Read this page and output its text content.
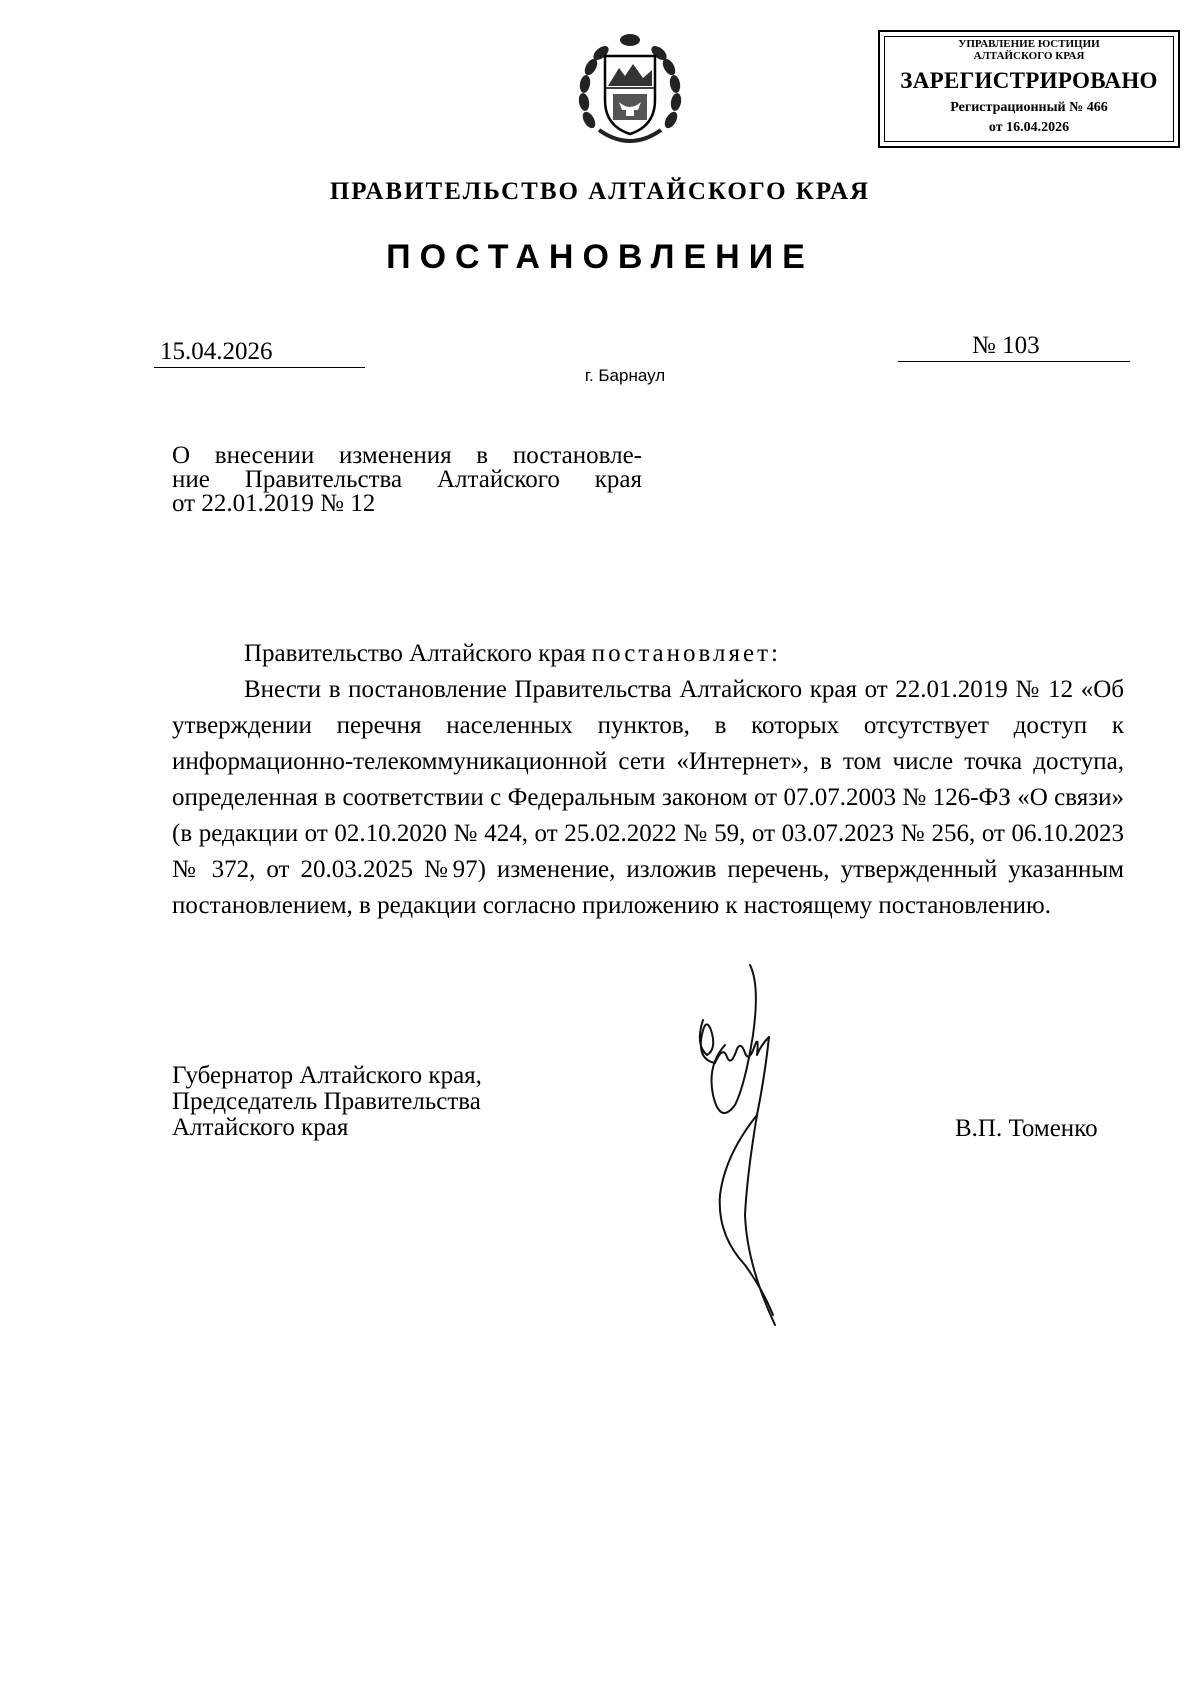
УПРАВЛЕНИЕ ЮСТИЦИИ
АЛТАЙСКОГО КРАЯ
ЗАРЕГИСТРИРОВАНО
Регистрационный № 466
от 16.04.2026
ПРАВИТЕЛЬСТВО АЛТАЙСКОГО КРАЯ
ПОСТАНОВЛЕНИЕ
15.04.2026	№ 103
г. Барнаул
О внесении изменения в постановле-
ние Правительства Алтайского края
от 22.01.2019 № 12
Правительство Алтайского края постановляет:
Внести в постановление Правительства Алтайского края от 22.01.2019 № 12 «Об утверждении перечня населенных пунктов, в которых отсутствует доступ к информационно-телекоммуникационной сети «Интернет», в том числе точка доступа, определенная в соответствии с Федеральным законом от 07.07.2003 № 126-ФЗ «О связи» (в редакции от 02.10.2020 № 424, от 25.02.2022 № 59, от 03.07.2023 № 256, от 06.10.2023 № 372, от 20.03.2025 №97) изменение, изложив перечень, утвержденный указанным постановлением, в редакции согласно приложению к настоящему постановлению.
Губернатор Алтайского края,
Председатель Правительства
Алтайского края	В.П. Томенко
